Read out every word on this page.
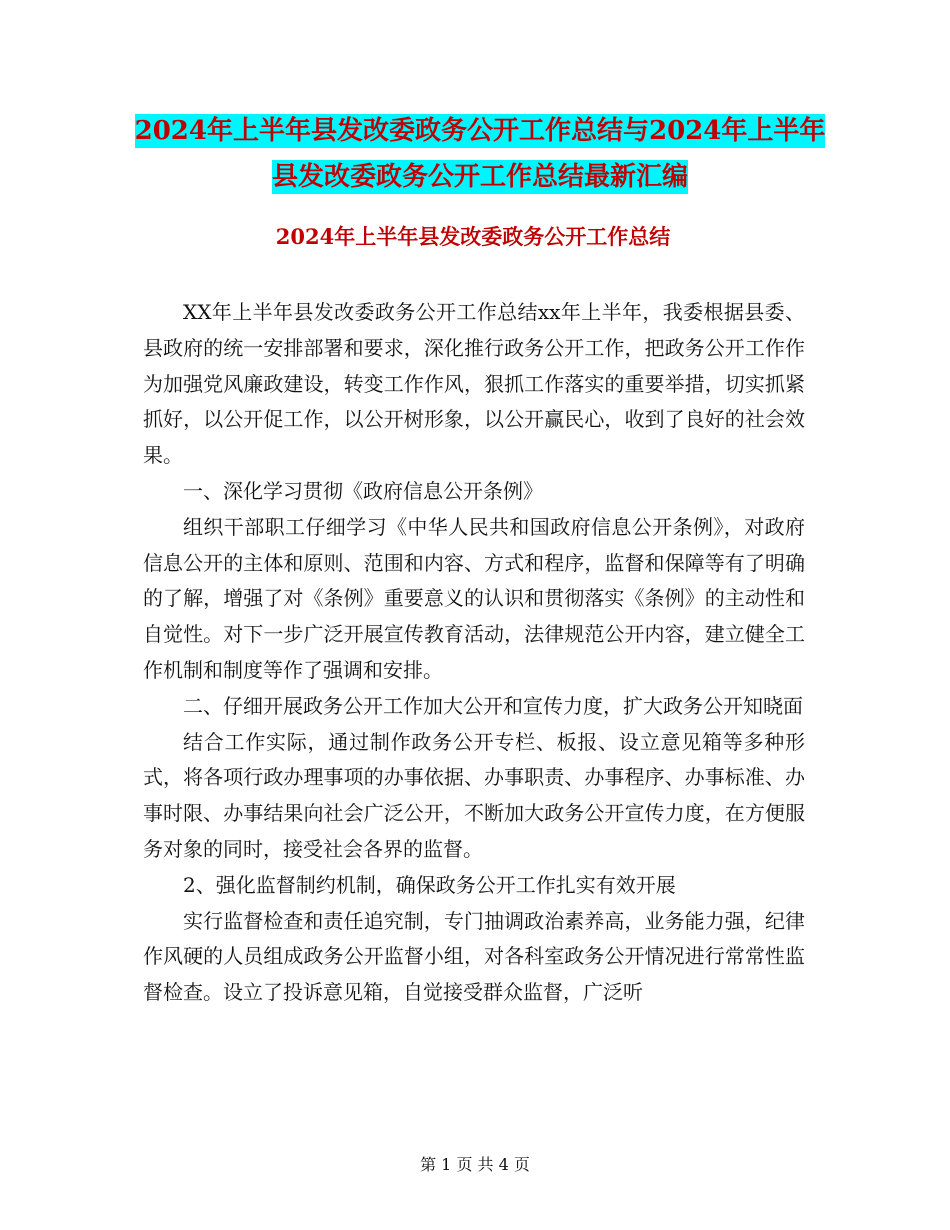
2024年上半年县发改委政务公开工作总结与2024年上半年县发改委政务公开工作总结最新汇编
2024年上半年县发改委政务公开工作总结

XX年上半年县发改委政务公开工作总结xx年上半年，我委根据县委、县政府的统一安排部署和要求，深化推行政务公开工作，把政务公开工作作为加强党风廉政建设，转变工作作风，狠抓工作落实的重要举措，切实抓紧抓好，以公开促工作，以公开树形象，以公开赢民心，收到了良好的社会效果。

一、深化学习贯彻《政府信息公开条例》

组织干部职工仔细学习《中华人民共和国政府信息公开条例》，对政府信息公开的主体和原则、范围和内容、方式和程序，监督和保障等有了明确的了解，增强了对《条例》重要意义的认识和贯彻落实《条例》的主动性和自觉性。对下一步广泛开展宣传教育活动，法律规范公开内容，建立健全工作机制和制度等作了强调和安排。

二、仔细开展政务公开工作加大公开和宣传力度，扩大政务公开知晓面

结合工作实际，通过制作政务公开专栏、板报、设立意见箱等多种形式，将各项行政办理事项的办事依据、办事职责、办事程序、办事标准、办事时限、办事结果向社会广泛公开，不断加大政务公开宣传力度，在方便服务对象的同时，接受社会各界的监督。

2、强化监督制约机制，确保政务公开工作扎实有效开展

实行监督检查和责任追究制，专门抽调政治素养高，业务能力强，纪律作风硬的人员组成政务公开监督小组，对各科室政务公开情况进行常常性监督检查。设立了投诉意见箱，自觉接受群众监督，广泛听

第 1 页 共 4 页
